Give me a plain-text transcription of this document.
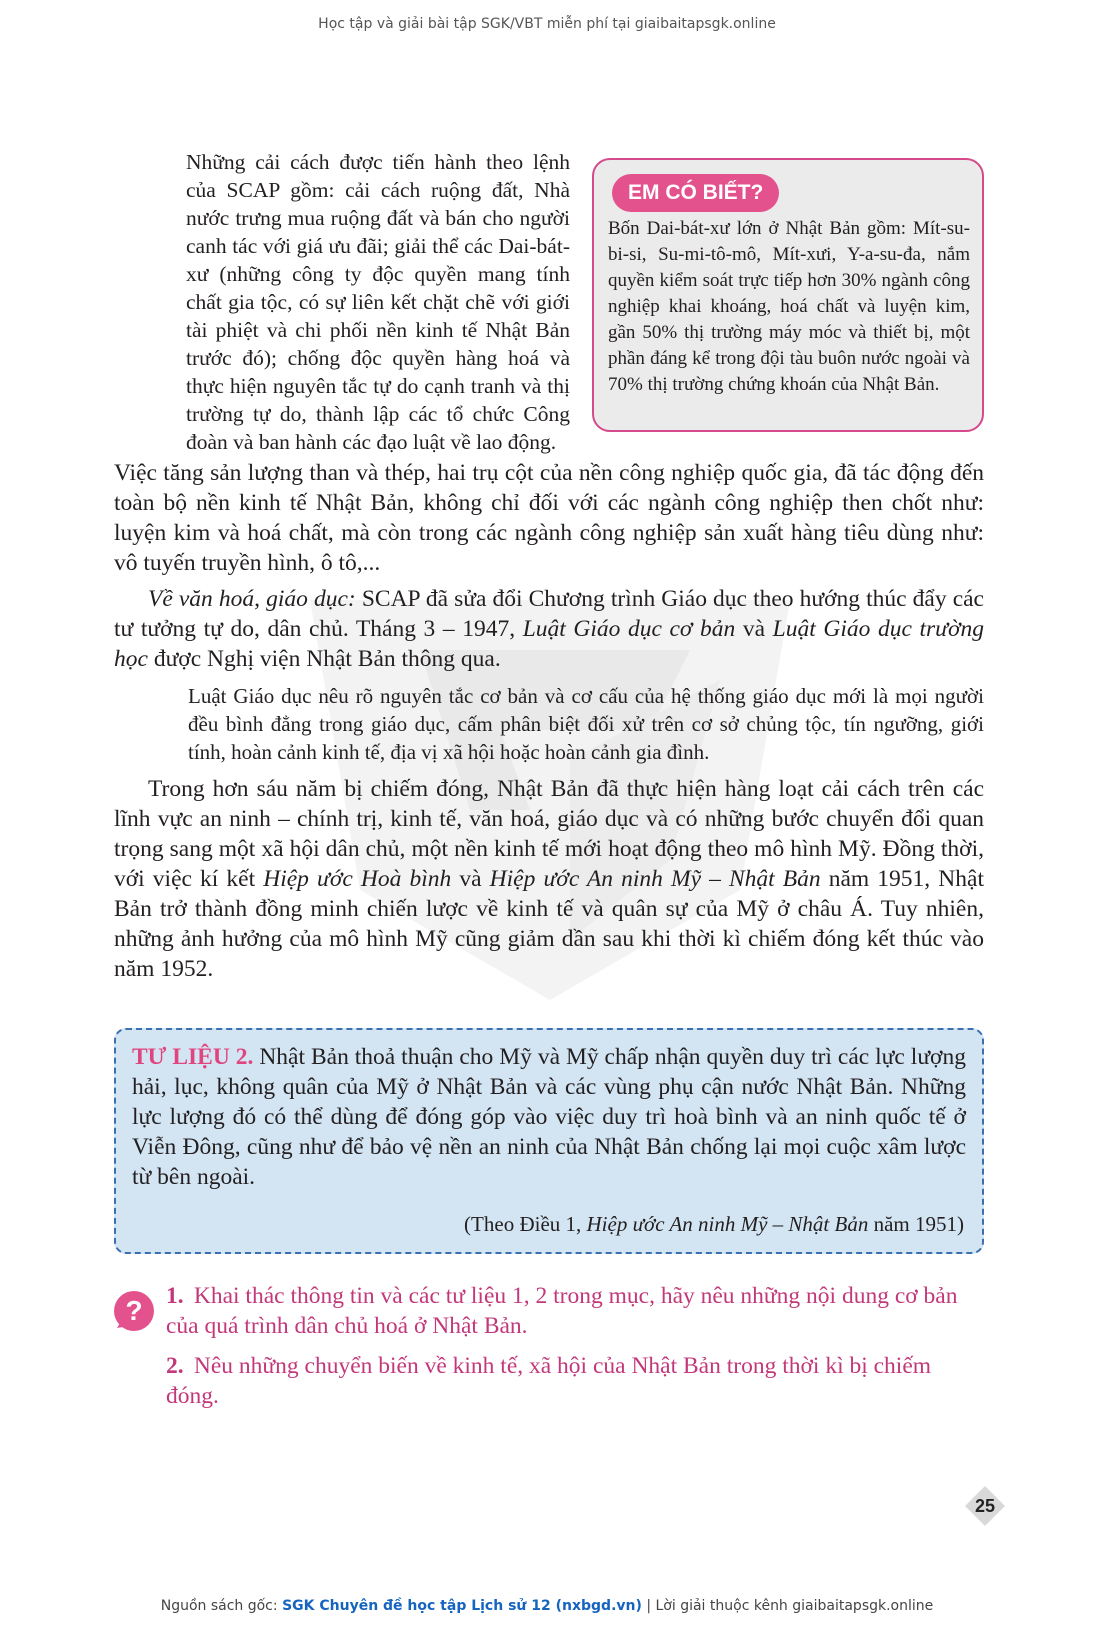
Học tập và giải bài tập SGK/VBT miễn phí tại giaibaitapsgk.online
Những cải cách được tiến hành theo lệnh của SCAP gồm: cải cách ruộng đất, Nhà nước trưng mua ruộng đất và bán cho người canh tác với giá ưu đãi; giải thể các Dai-bát-xư (những công ty độc quyền mang tính chất gia tộc, có sự liên kết chặt chẽ với giới tài phiệt và chi phối nền kinh tế Nhật Bản trước đó); chống độc quyền hàng hoá và thực hiện nguyên tắc tự do cạnh tranh và thị trường tự do, thành lập các tổ chức Công đoàn và ban hành các đạo luật về lao động.
EM CÓ BIẾT?
Bốn Dai-bát-xư lớn ở Nhật Bản gồm: Mít-su-bi-si, Su-mi-tô-mô, Mít-xưi, Y-a-su-đa, nắm quyền kiểm soát trực tiếp hơn 30% ngành công nghiệp khai khoáng, hoá chất và luyện kim, gần 50% thị trường máy móc và thiết bị, một phần đáng kể trong đội tàu buôn nước ngoài và 70% thị trường chứng khoán của Nhật Bản.
Việc tăng sản lượng than và thép, hai trụ cột của nền công nghiệp quốc gia, đã tác động đến toàn bộ nền kinh tế Nhật Bản, không chỉ đối với các ngành công nghiệp then chốt như: luyện kim và hoá chất, mà còn trong các ngành công nghiệp sản xuất hàng tiêu dùng như: vô tuyến truyền hình, ô tô,...
Về văn hoá, giáo dục: SCAP đã sửa đổi Chương trình Giáo dục theo hướng thúc đẩy các tư tưởng tự do, dân chủ. Tháng 3 – 1947, Luật Giáo dục cơ bản và Luật Giáo dục trường học được Nghị viện Nhật Bản thông qua.
Luật Giáo dục nêu rõ nguyên tắc cơ bản và cơ cấu của hệ thống giáo dục mới là mọi người đều bình đẳng trong giáo dục, cấm phân biệt đối xử trên cơ sở chủng tộc, tín ngưỡng, giới tính, hoàn cảnh kinh tế, địa vị xã hội hoặc hoàn cảnh gia đình.
Trong hơn sáu năm bị chiếm đóng, Nhật Bản đã thực hiện hàng loạt cải cách trên các lĩnh vực an ninh – chính trị, kinh tế, văn hoá, giáo dục và có những bước chuyển đổi quan trọng sang một xã hội dân chủ, một nền kinh tế mới hoạt động theo mô hình Mỹ. Đồng thời, với việc kí kết Hiệp ước Hoà bình và Hiệp ước An ninh Mỹ – Nhật Bản năm 1951, Nhật Bản trở thành đồng minh chiến lược về kinh tế và quân sự của Mỹ ở châu Á. Tuy nhiên, những ảnh hưởng của mô hình Mỹ cũng giảm dần sau khi thời kì chiếm đóng kết thúc vào năm 1952.
TƯ LIỆU 2. Nhật Bản thoả thuận cho Mỹ và Mỹ chấp nhận quyền duy trì các lực lượng hải, lục, không quân của Mỹ ở Nhật Bản và các vùng phụ cận nước Nhật Bản. Những lực lượng đó có thể dùng để đóng góp vào việc duy trì hoà bình và an ninh quốc tế ở Viễn Đông, cũng như để bảo vệ nền an ninh của Nhật Bản chống lại mọi cuộc xâm lược từ bên ngoài.
(Theo Điều 1, Hiệp ước An ninh Mỹ – Nhật Bản năm 1951)
? 1. Khai thác thông tin và các tư liệu 1, 2 trong mục, hãy nêu những nội dung cơ bản của quá trình dân chủ hoá ở Nhật Bản.
2. Nêu những chuyển biến về kinh tế, xã hội của Nhật Bản trong thời kì bị chiếm đóng.
25
Nguồn sách gốc: SGK Chuyên đề học tập Lịch sử 12 (nxbgd.vn) | Lời giải thuộc kênh giaibaitapsgk.online
